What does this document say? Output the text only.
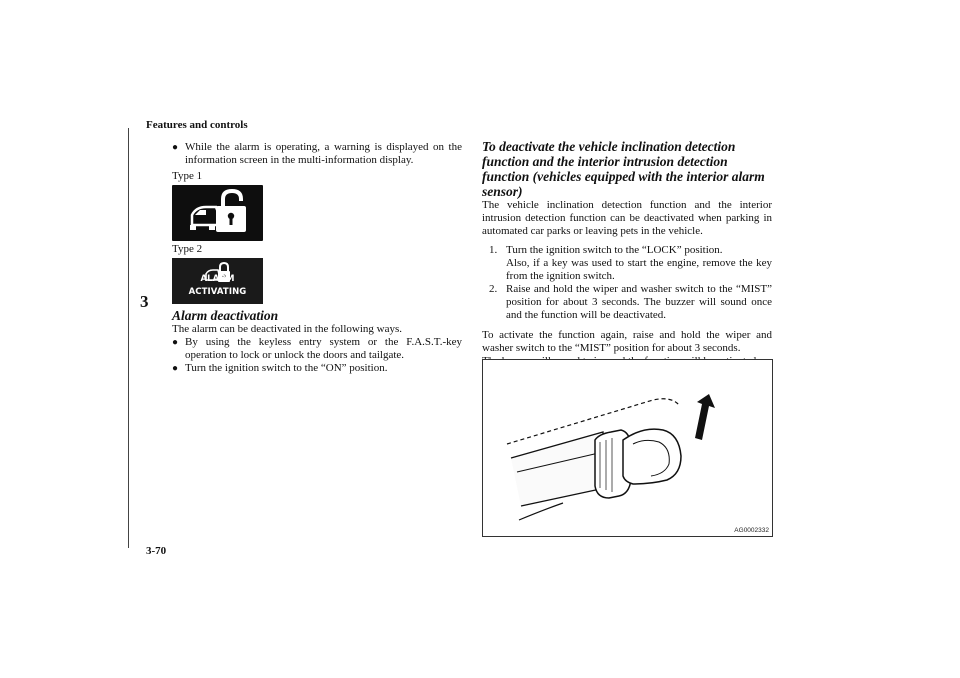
Features and controls
3
3-70

● While the alarm is operating, a warning is displayed on the information screen in the multi-information display.

Type 1

Type 2

ALARM ACTIVATING

Alarm deactivation

The alarm can be deactivated in the following ways.

● By using the keyless entry system or the F.A.S.T.-key operation to lock or unlock the doors and tailgate.

● Turn the ignition switch to the “ON” position.

To deactivate the vehicle inclination detection function and the interior intrusion detection function (vehicles equipped with the interior alarm sensor)

The vehicle inclination detection function and the interior intrusion detection function can be deactivated when parking in automated car parks or leaving pets in the vehicle.

1. Turn the ignition switch to the “LOCK” position.
Also, if a key was used to start the engine, remove the key from the ignition switch.

2. Raise and hold the wiper and washer switch to the “MIST” position for about 3 seconds. The buzzer will sound once and the function will be deactivated.

To activate the function again, raise and hold the wiper and washer switch to the “MIST” position for about 3 seconds.

AG0002332
